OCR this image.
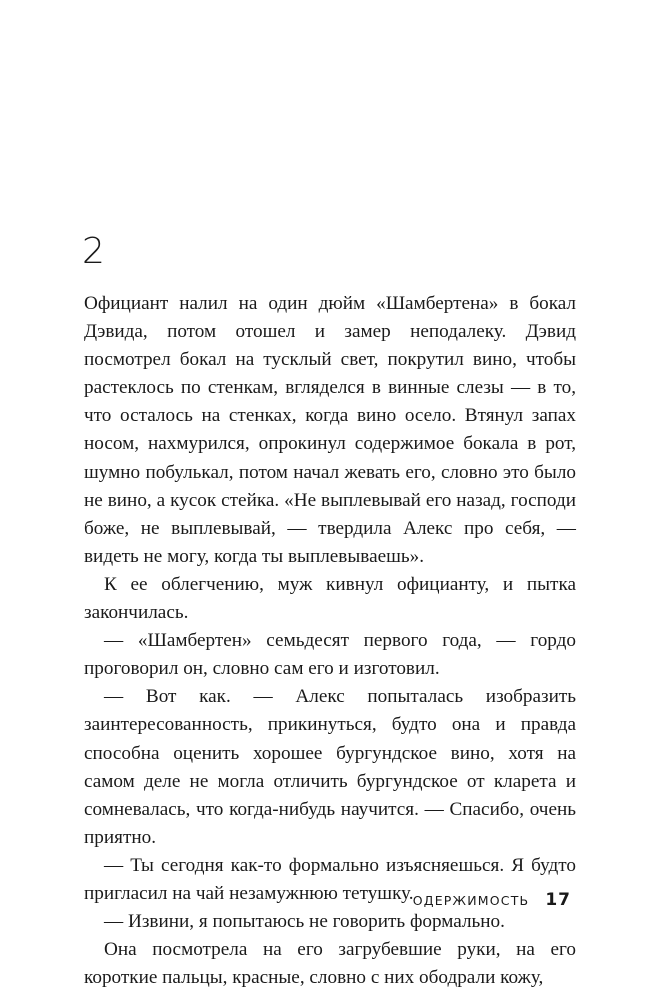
2

Официант налил на один дюйм «Шамбертена» в бокал Дэвида, потом отошел и замер неподалеку. Дэвид посмотрел бокал на тусклый свет, покрутил вино, чтобы растеклось по стенкам, вгляделся в винные слезы — в то, что осталось на стенках, когда вино осело. Втянул запах носом, нахмурился, опрокинул содержимое бокала в рот, шумно побулькал, потом начал жевать его, словно это было не вино, а кусок стейка. «Не выплевывай его назад, господи боже, не выплевывай, — твердила Алекс про себя, — видеть не могу, когда ты выплевываешь».

К ее облегчению, муж кивнул официанту, и пытка закончилась.

— «Шамбертен» семьдесят первого года, — гордо проговорил он, словно сам его и изготовил.

— Вот как. — Алекс попыталась изобразить заинтересованность, прикинуться, будто она и правда способна оценить хорошее бургундское вино, хотя на самом деле не могла отличить бургундское от кларета и сомневалась, что когда-нибудь научится. — Спасибо, очень приятно.

— Ты сегодня как-то формально изъясняешься. Я будто пригласил на чай незамужнюю тетушку.

— Извини, я попытаюсь не говорить формально.

Она посмотрела на его загрубевшие руки, на его короткие пальцы, красные, словно с них ободрали кожу,

ОДЕРЖИМОСТЬ 17
